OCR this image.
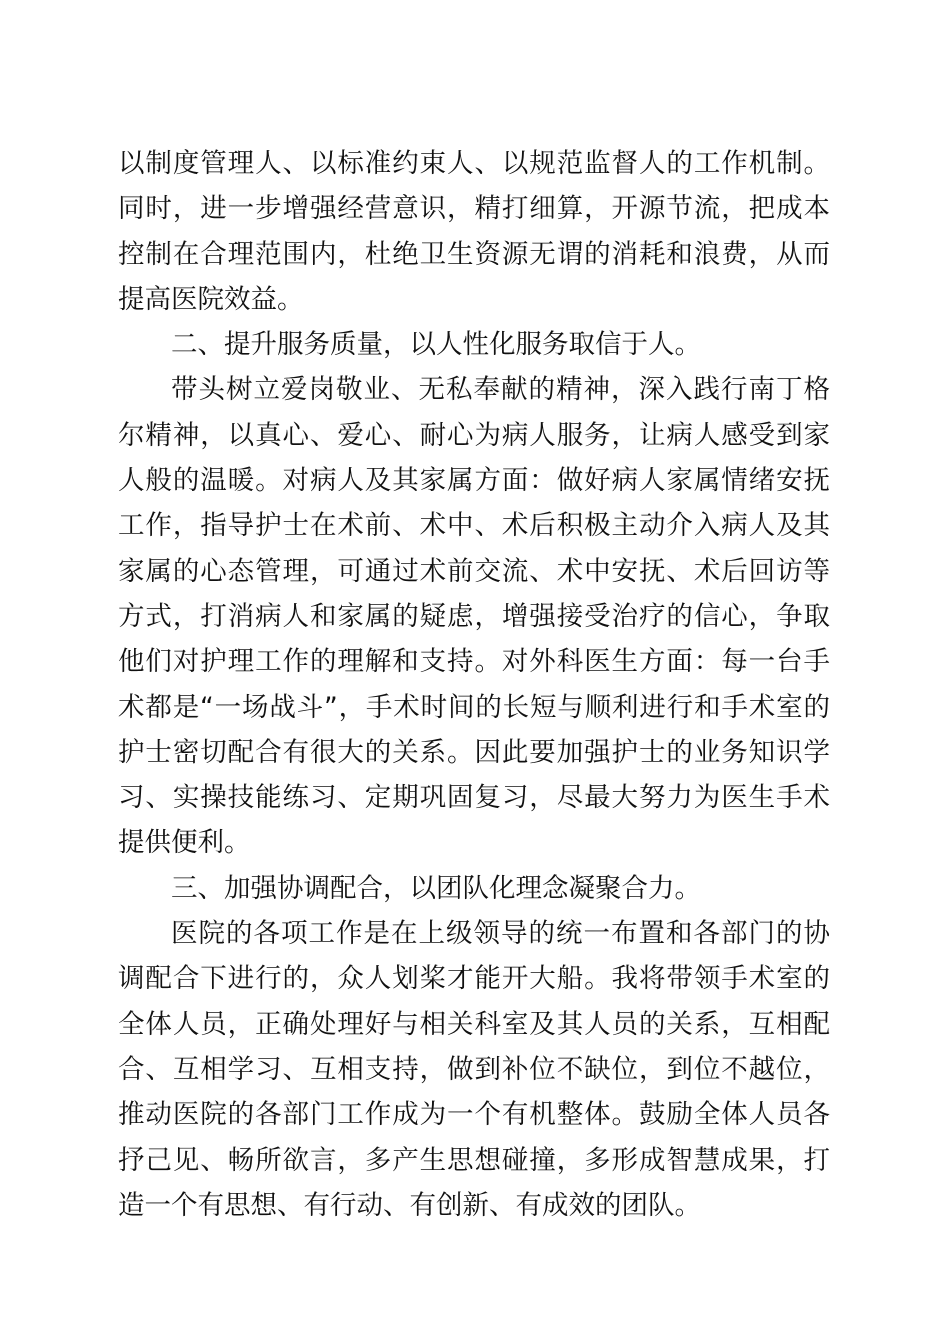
以制度管理人、以标准约束人、以规范监督人的工作机制。同时，进一步增强经营意识，精打细算，开源节流，把成本控制在合理范围内，杜绝卫生资源无谓的消耗和浪费，从而提高医院效益。

二、提升服务质量，以人性化服务取信于人。

带头树立爱岗敬业、无私奉献的精神，深入践行南丁格尔精神，以真心、爱心、耐心为病人服务，让病人感受到家人般的温暖。对病人及其家属方面：做好病人家属情绪安抚工作，指导护士在术前、术中、术后积极主动介入病人及其家属的心态管理，可通过术前交流、术中安抚、术后回访等方式，打消病人和家属的疑虑，增强接受治疗的信心，争取他们对护理工作的理解和支持。对外科医生方面：每一台手术都是“一场战斗”，手术时间的长短与顺利进行和手术室的护士密切配合有很大的关系。因此要加强护士的业务知识学习、实操技能练习、定期巩固复习，尽最大努力为医生手术提供便利。

三、加强协调配合，以团队化理念凝聚合力。

医院的各项工作是在上级领导的统一布置和各部门的协调配合下进行的，众人划桨才能开大船。我将带领手术室的全体人员，正确处理好与相关科室及其人员的关系，互相配合、互相学习、互相支持，做到补位不缺位，到位不越位，推动医院的各部门工作成为一个有机整体。鼓励全体人员各抒己见、畅所欲言，多产生思想碰撞，多形成智慧成果，打造一个有思想、有行动、有创新、有成效的团队。
